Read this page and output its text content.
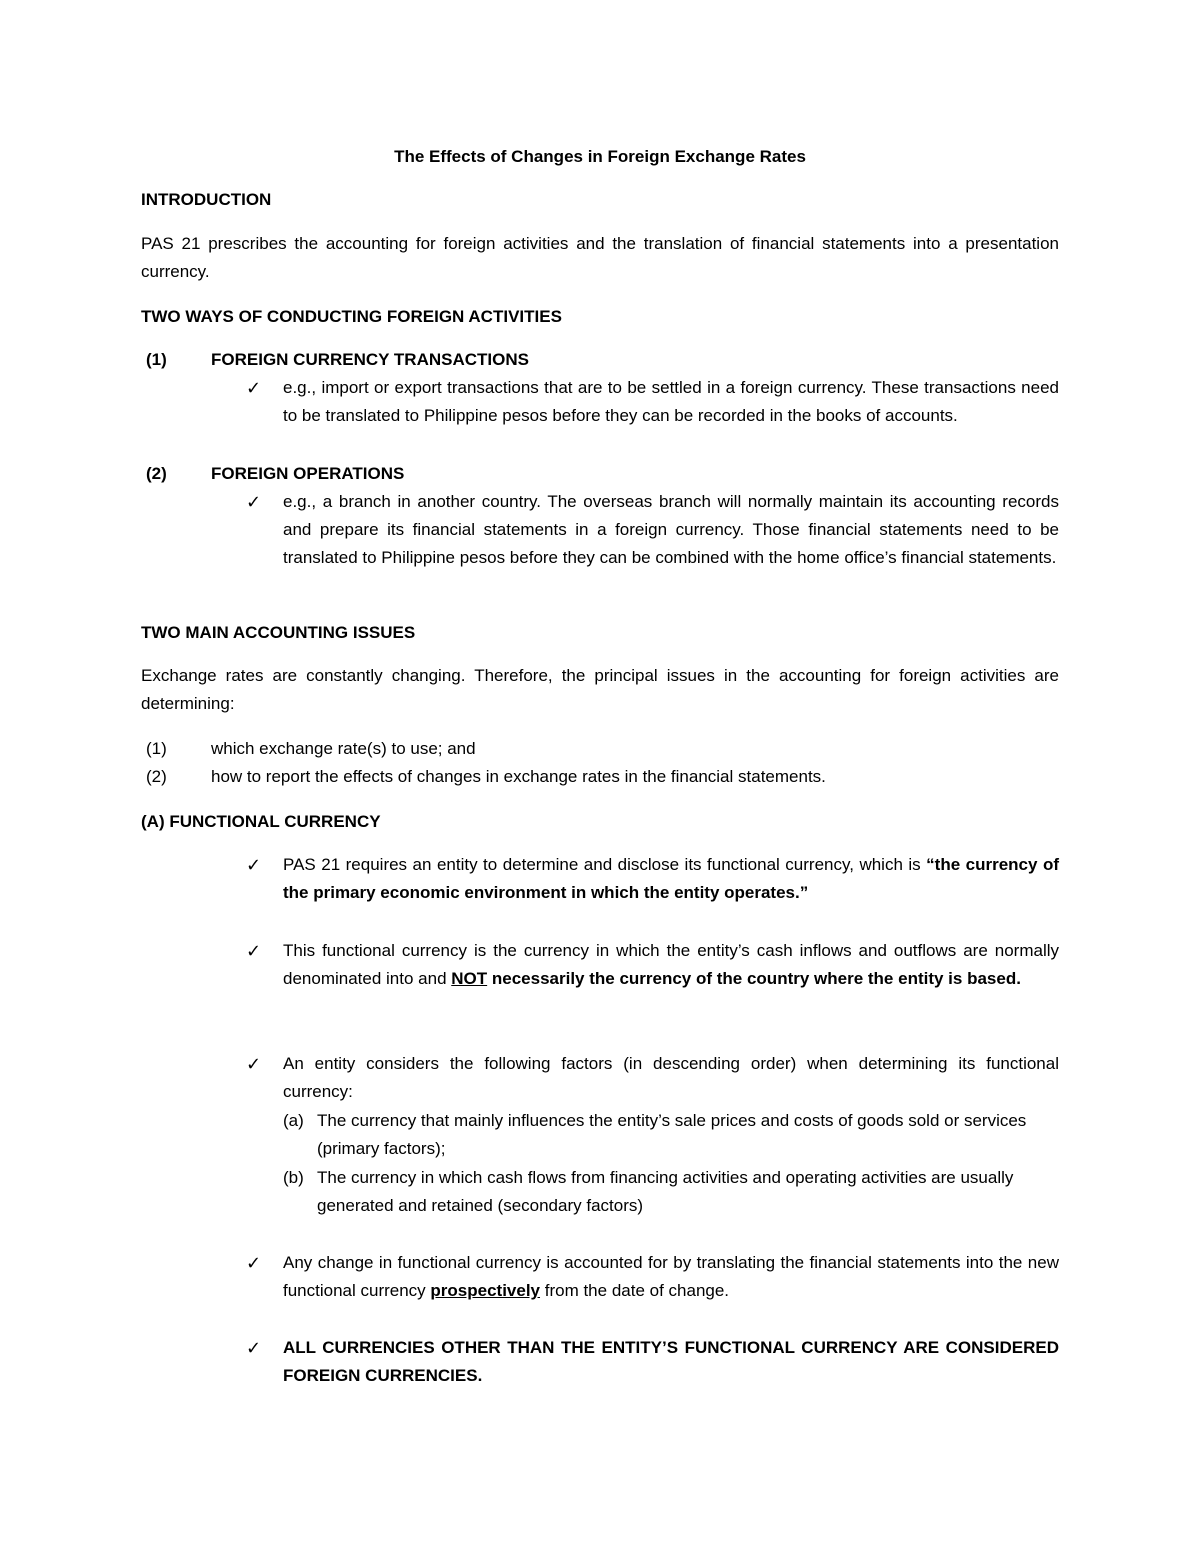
The Effects of Changes in Foreign Exchange Rates
INTRODUCTION

PAS 21 prescribes the accounting for foreign activities and the translation of financial statements into a presentation currency.

TWO WAYS OF CONDUCTING FOREIGN ACTIVITIES
(1)	FOREIGN CURRENCY TRANSACTIONS
✓ e.g., import or export transactions that are to be settled in a foreign currency. These transactions need to be translated to Philippine pesos before they can be recorded in the books of accounts.
(2)	FOREIGN OPERATIONS
✓ e.g., a branch in another country. The overseas branch will normally maintain its accounting records and prepare its financial statements in a foreign currency. Those financial statements need to be translated to Philippine pesos before they can be combined with the home office’s financial statements.
TWO MAIN ACCOUNTING ISSUES

Exchange rates are constantly changing. Therefore, the principal issues in the accounting for foreign activities are determining:

(1)	which exchange rate(s) to use; and
(2)	how to report the effects of changes in exchange rates in the financial statements.
(A) FUNCTIONAL CURRENCY
✓ PAS 21 requires an entity to determine and disclose its functional currency, which is “the currency of the primary economic environment in which the entity operates.”
✓ This functional currency is the currency in which the entity’s cash inflows and outflows are normally denominated into and NOT necessarily the currency of the country where the entity is based.
✓ An entity considers the following factors (in descending order) when determining its functional currency:
(a) The currency that mainly influences the entity’s sale prices and costs of goods sold or services (primary factors);
(b) The currency in which cash flows from financing activities and operating activities are usually generated and retained (secondary factors)
✓ Any change in functional currency is accounted for by translating the financial statements into the new functional currency prospectively from the date of change.
✓ ALL CURRENCIES OTHER THAN THE ENTITY’S FUNCTIONAL CURRENCY ARE CONSIDERED FOREIGN CURRENCIES.
